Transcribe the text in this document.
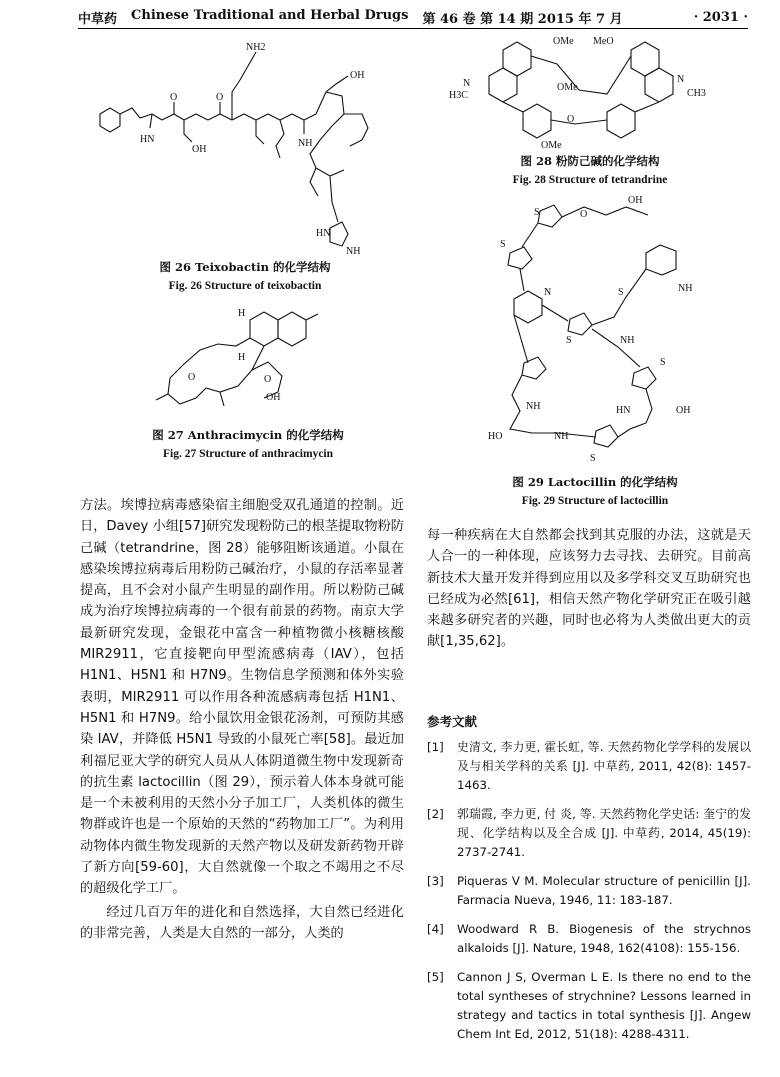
中草药 Chinese Traditional and Herbal Drugs 第 46 卷 第 14 期 2015 年 7 月	· 2031 ·
NH2
HN
OH
OH
O	O
NH
HN
NH
图 26 Teixobactin 的化学结构
Fig. 26 Structure of teixobactin
H
H
O	O
OH
图 27 Anthracimycin 的化学结构
Fig. 27 Structure of anthracimycin
OMe MeO
H3C
N	N
CH3
OMe
O
OMe
图 28 粉防己碱的化学结构
Fig. 28 Structure of tetrandrine
S	O
OH
S
NH
S
N
S	NH
S
NH	HN	OH
HO	NH
S
图 29 Lactocillin 的化学结构
Fig. 29 Structure of lactocillin

方法。埃博拉病毒感染宿主细胞受双孔通道的控制。近日，Davey 小组[57]研究发现粉防己的根茎提取物粉防己碱（tetrandrine，图 28）能够阻断该通道。小鼠在感染埃博拉病毒后用粉防己碱治疗，小鼠的存活率显著提高，且不会对小鼠产生明显的副作用。所以粉防己碱成为治疗埃博拉病毒的一个很有前景的药物。南京大学最新研究发现，金银花中富含一种植物微小核糖核酸 MIR2911，它直接靶向甲型流感病毒（IAV），包括 H1N1、H5N1 和 H7N9。生物信息学预测和体外实验表明，MIR2911 可以作用各种流感病毒包括 H1N1、H5N1 和 H7N9。给小鼠饮用金银花汤剂，可预防其感染 IAV，并降低 H5N1 导致的小鼠死亡率[58]。最近加利福尼亚大学的研究人员从人体阴道微生物中发现新奇的抗生素 lactocillin（图 29），预示着人体本身就可能是一个未被利用的天然小分子加工厂，人类机体的微生物群或许也是一个原始的天然的“药物加工厂”。为利用动物体内微生物发现新的天然产物以及研发新药物开辟了新方向[59-60]，大自然就像一个取之不竭用之不尽的超级化学工厂。

经过几百万年的进化和自然选择，大自然已经进化的非常完善，人类是大自然的一部分，人类的

每一种疾病在大自然都会找到其克服的办法，这就是天人合一的一种体现，应该努力去寻找、去研究。目前高新技术大量开发并得到应用以及多学科交叉互助研究也已经成为必然[61]，相信天然产物化学研究正在吸引越来越多研究者的兴趣，同时也必将为人类做出更大的贡献[1,35,62]。

参考文献
[1]	史清文, 李力更, 霍长虹, 等. 天然药物化学学科的发展以及与相关学科的关系 [J]. 中草药, 2011, 42(8): 1457-1463.
[2]	郭瑞霞, 李力更, 付 炎, 等. 天然药物化学史话: 奎宁的发现、化学结构以及全合成 [J]. 中草药, 2014, 45(19): 2737-2741.
[3]	Piqueras V M. Molecular structure of penicillin [J]. Farmacia Nueva, 1946, 11: 183-187.
[4]	Woodward R B. Biogenesis of the strychnos alkaloids [J]. Nature, 1948, 162(4108): 155-156.
[5]	Cannon J S, Overman L E. Is there no end to the total syntheses of strychnine? Lessons learned in strategy and tactics in total synthesis [J]. Angew Chem Int Ed, 2012, 51(18): 4288-4311.
